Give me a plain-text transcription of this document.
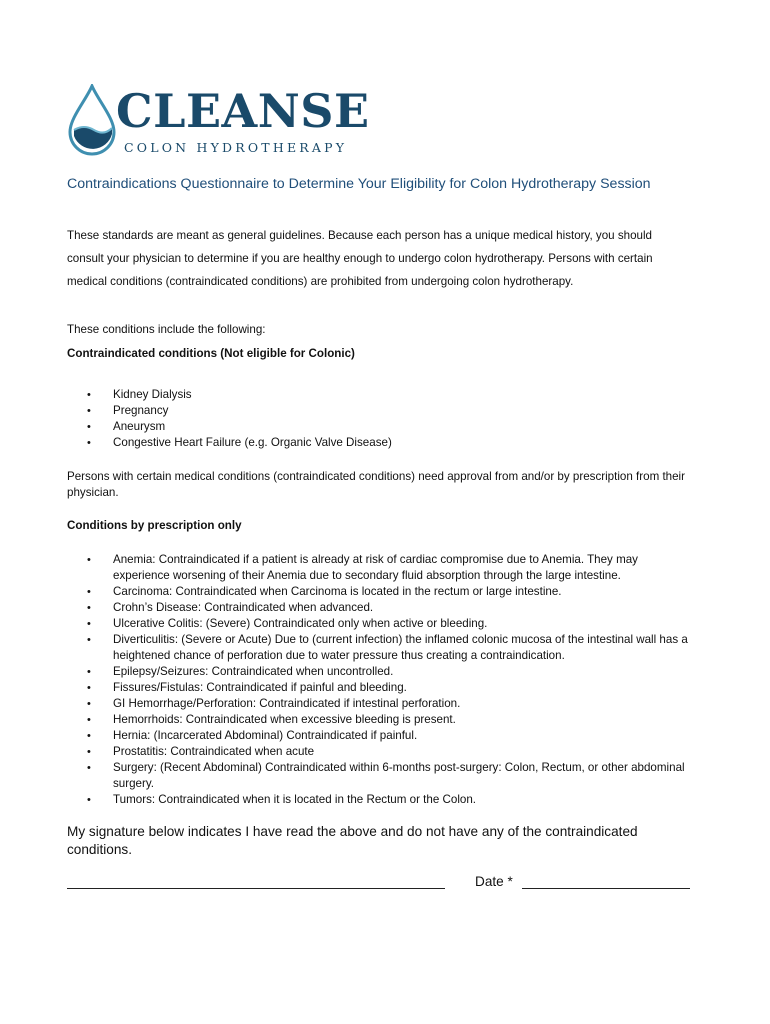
CLEANSE
COLON HYDROTHERAPY
Contraindications Questionnaire to Determine Your Eligibility for Colon Hydrotherapy Session
These standards are meant as general guidelines. Because each person has a unique medical history, you should consult your physician to determine if you are healthy enough to undergo colon hydrotherapy. Persons with certain medical conditions (contraindicated conditions) are prohibited from undergoing colon hydrotherapy.
These conditions include the following:
Contraindicated conditions (Not eligible for Colonic)
• Kidney Dialysis
• Pregnancy
• Aneurysm
• Congestive Heart Failure (e.g. Organic Valve Disease)
Persons with certain medical conditions (contraindicated conditions) need approval from and/or by prescription from their physician.
Conditions by prescription only
• Anemia: Contraindicated if a patient is already at risk of cardiac compromise due to Anemia. They may experience worsening of their Anemia due to secondary fluid absorption through the large intestine.
• Carcinoma: Contraindicated when Carcinoma is located in the rectum or large intestine.
• Crohn’s Disease: Contraindicated when advanced.
• Ulcerative Colitis: (Severe) Contraindicated only when active or bleeding.
• Diverticulitis: (Severe or Acute) Due to (current infection) the inflamed colonic mucosa of the intestinal wall has a heightened chance of perforation due to water pressure thus creating a contraindication.
• Epilepsy/Seizures: Contraindicated when uncontrolled.
• Fissures/Fistulas: Contraindicated if painful and bleeding.
• GI Hemorrhage/Perforation: Contraindicated if intestinal perforation.
• Hemorrhoids: Contraindicated when excessive bleeding is present.
• Hernia: (Incarcerated Abdominal) Contraindicated if painful.
• Prostatitis: Contraindicated when acute
• Surgery: (Recent Abdominal) Contraindicated within 6-months post-surgery: Colon, Rectum, or other abdominal surgery.
• Tumors: Contraindicated when it is located in the Rectum or the Colon.
My signature below indicates I have read the above and do not have any of the contraindicated conditions.
Date *
